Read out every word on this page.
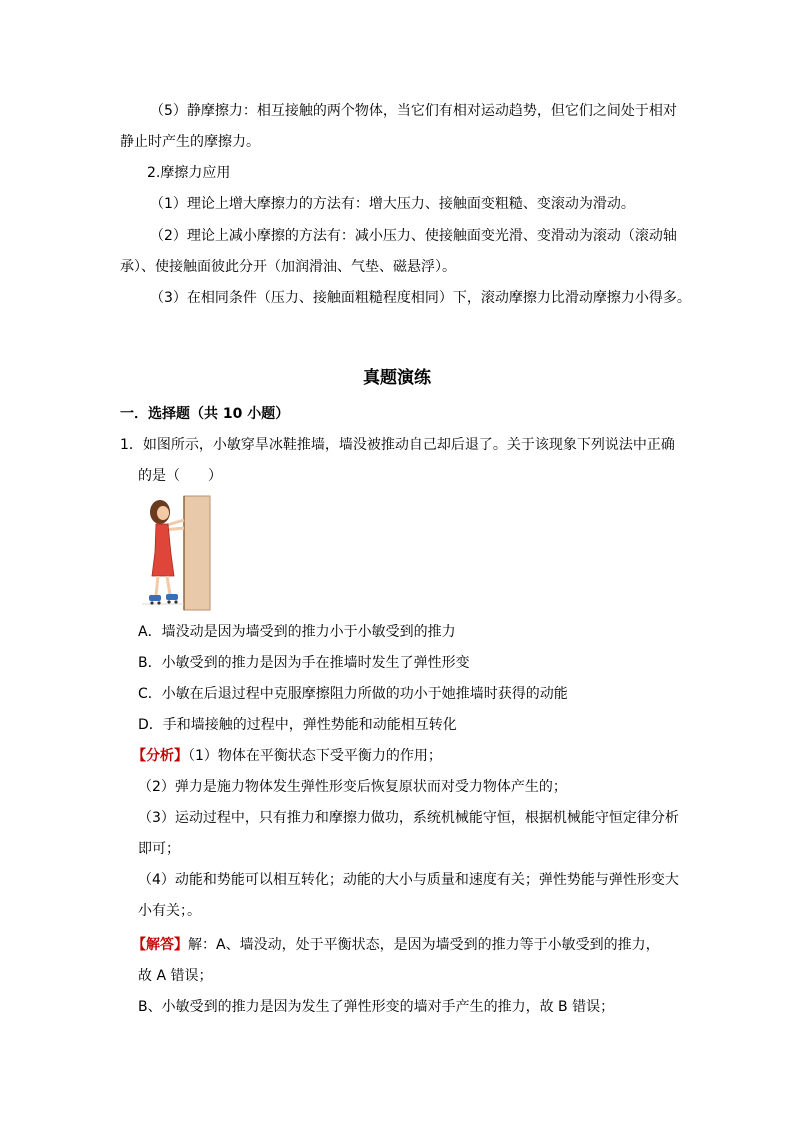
（5）静摩擦力：相互接触的两个物体，当它们有相对运动趋势，但它们之间处于相对
静止时产生的摩擦力。
2.摩擦力应用
（1）理论上增大摩擦力的方法有：增大压力、接触面变粗糙、变滚动为滑动。
（2）理论上减小摩擦的方法有：减小压力、使接触面变光滑、变滑动为滚动（滚动轴
承）、使接触面彼此分开（加润滑油、气垫、磁悬浮）。
（3）在相同条件（压力、接触面粗糙程度相同）下，滚动摩擦力比滑动摩擦力小得多。
真题演练
一．选择题（共 10 小题）
1．如图所示，小敏穿旱冰鞋推墙，墙没被推动自己却后退了。关于该现象下列说法中正确
的是（　　）
A．墙没动是因为墙受到的推力小于小敏受到的推力
B．小敏受到的推力是因为手在推墙时发生了弹性形变
C．小敏在后退过程中克服摩擦阻力所做的功小于她推墙时获得的动能
D．手和墙接触的过程中，弹性势能和动能相互转化
【分析】（1）物体在平衡状态下受平衡力的作用；
（2）弹力是施力物体发生弹性形变后恢复原状而对受力物体产生的；
（3）运动过程中，只有推力和摩擦力做功，系统机械能守恒，根据机械能守恒定律分析
即可；
（4）动能和势能可以相互转化；动能的大小与质量和速度有关；弹性势能与弹性形变大
小有关；。
【解答】解：A、墙没动，处于平衡状态，是因为墙受到的推力等于小敏受到的推力，
故 A 错误；
B、小敏受到的推力是因为发生了弹性形变的墙对手产生的推力，故 B 错误；
